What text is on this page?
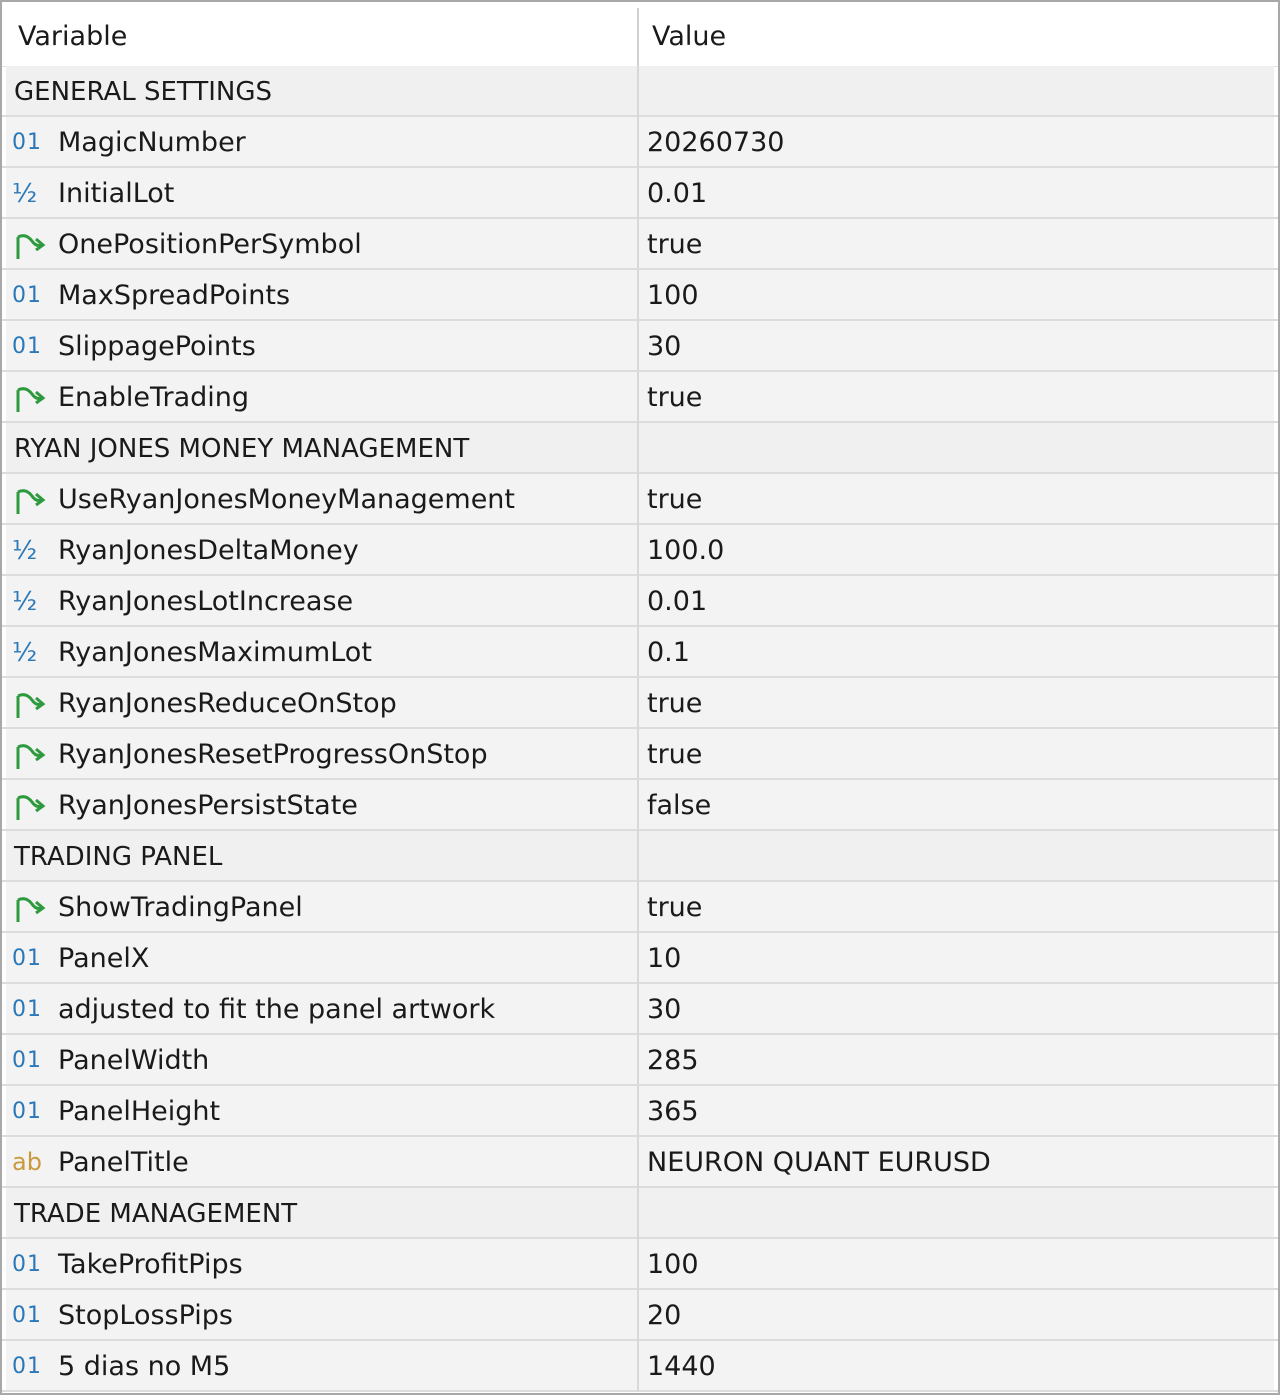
Variable	Value
GENERAL SETTINGS
01 MagicNumber	20260730
½ InitialLot	0.01
OnePositionPerSymbol	true
01 MaxSpreadPoints	100
01 SlippagePoints	30
EnableTrading	true
RYAN JONES MONEY MANAGEMENT
UseRyanJonesMoneyManagement	true
½ RyanJonesDeltaMoney	100.0
½ RyanJonesLotIncrease	0.01
½ RyanJonesMaximumLot	0.1
RyanJonesReduceOnStop	true
RyanJonesResetProgressOnStop	true
RyanJonesPersistState	false
TRADING PANEL
ShowTradingPanel	true
01 PanelX	10
01 adjusted to fit the panel artwork	30
01 PanelWidth	285
01 PanelHeight	365
ab PanelTitle	NEURON QUANT EURUSD
TRADE MANAGEMENT
01 TakeProfitPips	100
01 StopLossPips	20
01 5 dias no M5	1440
